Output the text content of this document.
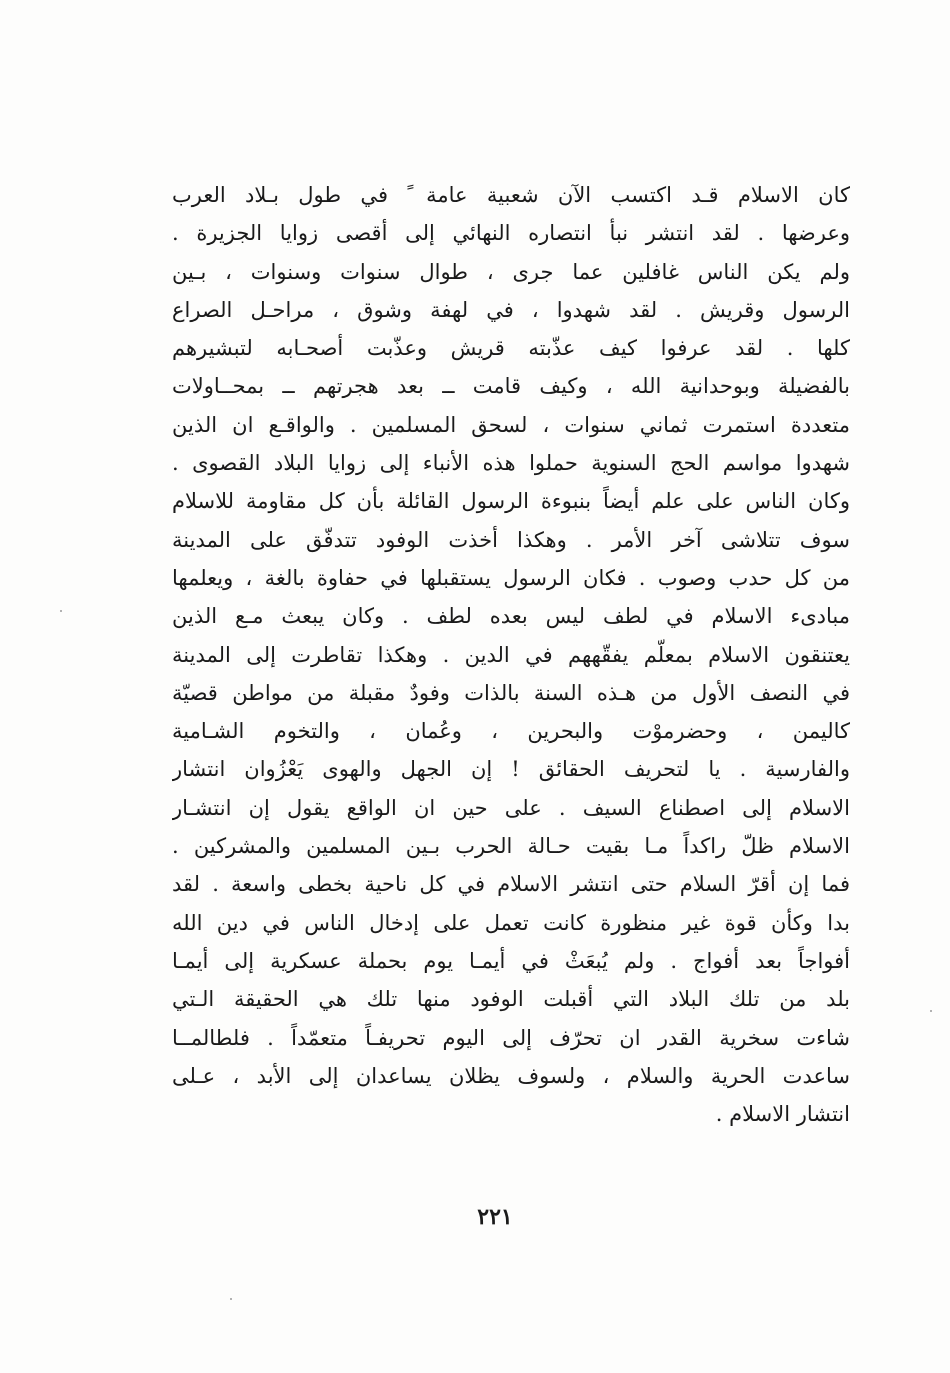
كان الاسلام قـد اكتسب الآن شعبية عامة ً في طول بـلاد العرب
وعرضها . لقد انتشر نبأ انتصاره النهائي إلى أقصى زوايا الجزيرة .
ولم يكن الناس غافلين عما جرى ، طوال سنوات وسنوات ، بـين
الرسول وقريش . لقد شهدوا ، في لهفة وشوق ، مراحـل الصراع
كلها . لقد عرفوا كيف عذّبته قريش وعذّبت أصحـابه لتبشيرهم
بالفضيلة وبوحدانية الله ، وكيف قامت ــ بعد هجرتهم ــ بمحــاولات
متعددة استمرت ثماني سنوات ، لسحق المسلمين . والواقـع ان الذين
شهدوا مواسم الحج السنوية حملوا هذه الأنباء إلى زوايا البلاد القصوى .
وكان الناس على علم أيضاً بنبوءة الرسول القائلة بأن كل مقاومة للاسلام
سوف تتلاشى آخر الأمر . وهكذا أخذت الوفود تتدفّق على المدينة
من كل حدب وصوب . فكان الرسول يستقبلها في حفاوة بالغة ، ويعلمها
مبادىء الاسلام في لطف ليس بعده لطف . وكان يبعث مـع الذين
يعتنقون الاسلام بمعلّم يفقّههم في الدين . وهكذا تقاطرت إلى المدينة
في النصف الأول من هـذه السنة بالذات وفودٌ مقبلة من مواطن قصيّة
كاليمن ، وحضرموْت والبحرين ، وعُمان ، والتخوم الشـامية
والفارسية . يا لتحريف الحقائق ! إن الجهل والهوى يَعْزُوان انتشار
الاسلام إلى اصطناع السيف . على حين ان الواقع يقول إن انتشـار
الاسلام ظلّ راكداً مـا بقيت حـالة الحرب بـين المسلمين والمشركين .
فما إن أقرّ السلام حتى انتشر الاسلام في كل ناحية بخطى واسعة . لقد
بدا وكأن قوة غير منظورة كانت تعمل على إدخال الناس في دين الله
أفواجاً بعد أفواج . ولم يُبعَثْ في أيمـا يوم بحملة عسكرية إلى أيمـا
بلد من تلك البلاد التي أقبلت الوفود منها تلك هي الحقيقة الـتي
شاءت سخرية القدر ان تحرّف إلى اليوم تحريفـاً متعمّداً . فلطالمــا
ساعدت الحرية والسلام ، ولسوف يظلان يساعدان إلى الأبد ، عـلى
انتشار الاسلام .
٢٢١
